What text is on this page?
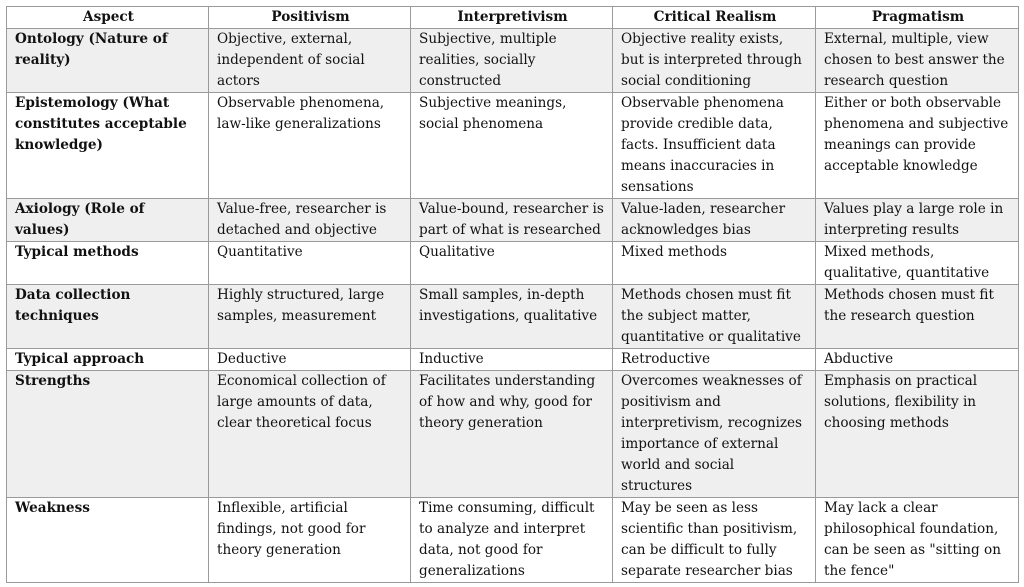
Aspect	Positivism	Interpretivism	Critical Realism	Pragmatism
Ontology (Nature of reality)	Objective, external, independent of social actors	Subjective, multiple realities, socially constructed	Objective reality exists, but is interpreted through social conditioning	External, multiple, view chosen to best answer the research question
Epistemology (What constitutes acceptable knowledge)	Observable phenomena, law-like generalizations	Subjective meanings, social phenomena	Observable phenomena provide credible data, facts. Insufficient data means inaccuracies in sensations	Either or both observable phenomena and subjective meanings can provide acceptable knowledge
Axiology (Role of values)	Value-free, researcher is detached and objective	Value-bound, researcher is part of what is researched	Value-laden, researcher acknowledges bias	Values play a large role in interpreting results
Typical methods	Quantitative	Qualitative	Mixed methods	Mixed methods, qualitative, quantitative
Data collection techniques	Highly structured, large samples, measurement	Small samples, in-depth investigations, qualitative	Methods chosen must fit the subject matter, quantitative or qualitative	Methods chosen must fit the research question
Typical approach	Deductive	Inductive	Retroductive	Abductive
Strengths	Economical collection of large amounts of data, clear theoretical focus	Facilitates understanding of how and why, good for theory generation	Overcomes weaknesses of positivism and interpretivism, recognizes importance of external world and social structures	Emphasis on practical solutions, flexibility in choosing methods
Weakness	Inflexible, artificial findings, not good for theory generation	Time consuming, difficult to analyze and interpret data, not good for generalizations	May be seen as less scientific than positivism, can be difficult to fully separate researcher bias	May lack a clear philosophical foundation, can be seen as "sitting on the fence"
